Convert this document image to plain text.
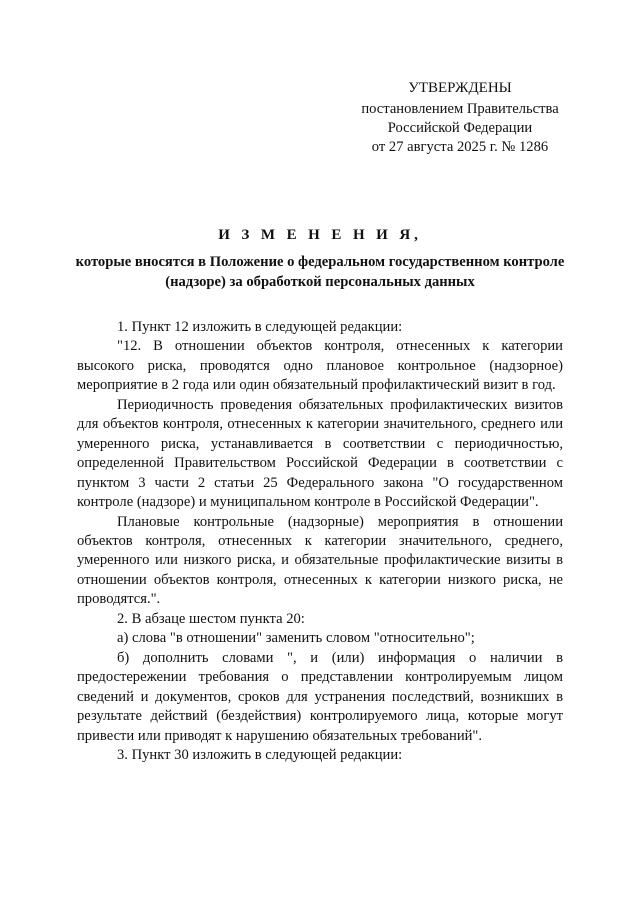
УТВЕРЖДЕНЫ
постановлением Правительства
Российской Федерации
от 27 августа 2025 г. № 1286
И З М Е Н Е Н И Я,
которые вносятся в Положение о федеральном государственном контроле (надзоре) за обработкой персональных данных

1. Пункт 12 изложить в следующей редакции:

"12. В отношении объектов контроля, отнесенных к категории высокого риска, проводятся одно плановое контрольное (надзорное) мероприятие в 2 года или один обязательный профилактический визит в год.

Периодичность проведения обязательных профилактических визитов для объектов контроля, отнесенных к категории значительного, среднего или умеренного риска, устанавливается в соответствии с периодичностью, определенной Правительством Российской Федерации в соответствии с пунктом 3 части 2 статьи 25 Федерального закона "О государственном контроле (надзоре) и муниципальном контроле в Российской Федерации".

Плановые контрольные (надзорные) мероприятия в отношении объектов контроля, отнесенных к категории значительного, среднего, умеренного или низкого риска, и обязательные профилактические визиты в отношении объектов контроля, отнесенных к категории низкого риска, не проводятся.".

2. В абзаце шестом пункта 20:

а) слова "в отношении" заменить словом "относительно";

б) дополнить словами ", и (или) информация о наличии в предостережении требования о представлении контролируемым лицом сведений и документов, сроков для устранения последствий, возникших в результате действий (бездействия) контролируемого лица, которые могут привести или приводят к нарушению обязательных требований".

3. Пункт 30 изложить в следующей редакции:
